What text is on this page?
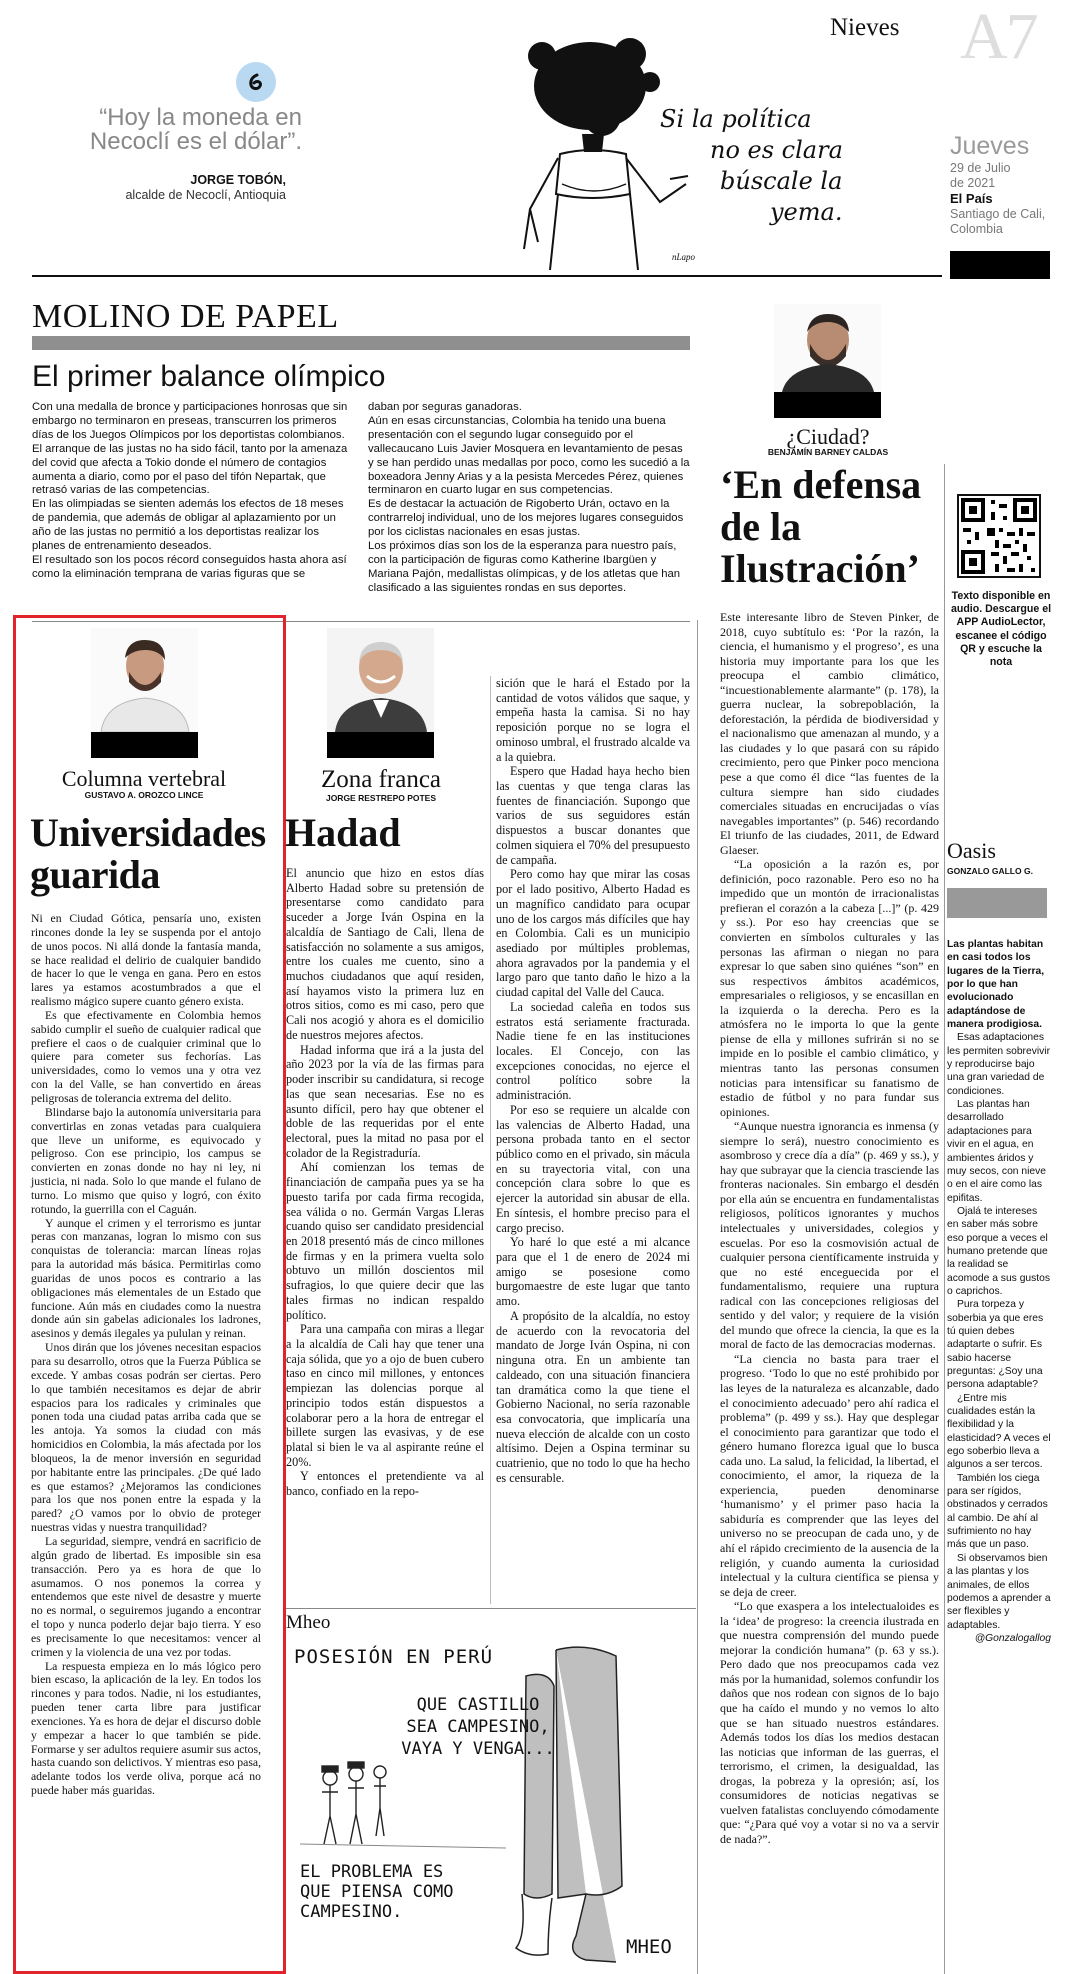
Nieves A7
Jueves
29 de Julio
de 2021
El País
Santiago de Cali,
Colombia
“Hoy la moneda en Necoclí es el dólar”.
JORGE TOBÓN,
alcalde de Necoclí, Antioquia
Si la política
no es clara
búscale la
yema.
nLapo
MOLINO DE PAPEL
El primer balance olímpico

Con una medalla de bronce y participaciones honrosas que sin embargo no terminaron en preseas, transcurren los primeros días de los Juegos Olímpicos por los deportistas colombianos.

El arranque de las justas no ha sido fácil, tanto por la amenaza del covid que afecta a Tokio donde el número de contagios aumenta a diario, como por el paso del tifón Nepartak, que retrasó varias de las competencias.

En las olimpiadas se sienten además los efectos de 18 meses de pandemia, que además de obligar al aplazamiento por un año de las justas no permitió a los deportistas realizar los planes de entrenamiento deseados.

El resultado son los pocos récord conseguidos hasta ahora así como la eliminación temprana de varias figuras que se

daban por seguras ganadoras.

Aún en esas circunstancias, Colombia ha tenido una buena presentación con el segundo lugar conseguido por el vallecaucano Luis Javier Mosquera en levantamiento de pesas y se han perdido unas medallas por poco, como les sucedió a la boxeadora Jenny Arias y a la pesista Mercedes Pérez, quienes terminaron en cuarto lugar en sus competencias.

Es de destacar la actuación de Rigoberto Urán, octavo en la contrarreloj individual, uno de los mejores lugares conseguidos por los ciclistas nacionales en esas justas.

Los próximos días son los de la esperanza para nuestro país, con la participación de figuras como Katherine Ibargüen y Mariana Pajón, medallistas olímpicas, y de los atletas que han clasificado a las siguientes rondas en sus deportes.

Columna vertebral
GUSTAVO A. OROZCO LINCE
Universidades
guarida

Ni en Ciudad Gótica, pensaría uno, existen rincones donde la ley se suspenda por el antojo de unos pocos. Ni allá donde la fantasía manda, se hace realidad el delirio de cualquier bandido de hacer lo que le venga en gana. Pero en estos lares ya estamos acostumbrados a que el realismo mágico supere cuanto género exista.

Es que efectivamente en Colombia hemos sabido cumplir el sueño de cualquier radical que prefiere el caos o de cualquier criminal que lo quiere para cometer sus fechorías. Las universidades, como lo vemos una y otra vez con la del Valle, se han convertido en áreas peligrosas de tolerancia extrema del delito.

Blindarse bajo la autonomía universitaria para convertirlas en zonas vetadas para cualquiera que lleve un uniforme, es equivocado y peligroso. Con ese principio, los campus se convierten en zonas donde no hay ni ley, ni justicia, ni nada. Solo lo que mande el fulano de turno. Lo mismo que quiso y logró, con éxito rotundo, la guerrilla con el Caguán.

Y aunque el crimen y el terrorismo es juntar peras con manzanas, logran lo mismo con sus conquistas de tolerancia: marcan líneas rojas para la autoridad más básica. Permitirlas como guaridas de unos pocos es contrario a las obligaciones más elementales de un Estado que funcione. Aún más en ciudades como la nuestra donde aún sin gabelas adicionales los ladrones, asesinos y demás ilegales ya pululan y reinan.

Unos dirán que los jóvenes necesitan espacios para su desarrollo, otros que la Fuerza Pública se excede. Y ambas cosas podrán ser ciertas. Pero lo que también necesitamos es dejar de abrir espacios para los radicales y criminales que ponen toda una ciudad patas arriba cada que se les antoja. Ya somos la ciudad con más homicidios en Colombia, la más afectada por los bloqueos, la de menor inversión en seguridad por habitante entre las principales. ¿De qué lado es que estamos? ¿Mejoramos las condiciones para los que nos ponen entre la espada y la pared? ¿O vamos por lo obvio de proteger nuestras vidas y nuestra tranquilidad?

La seguridad, siempre, vendrá en sacrificio de algún grado de libertad. Es imposible sin esa transacción. Pero ya es hora de que lo asumamos. O nos ponemos la correa y entendemos que este nivel de desastre y muerte no es normal, o seguiremos jugando a encontrar el topo y nunca poderlo dejar bajo tierra. Y eso es precisamente lo que necesitamos: vencer al crimen y la violencia de una vez por todas.

La respuesta empieza en lo más lógico pero bien escaso, la aplicación de la ley. En todos los rincones y para todos. Nadie, ni los estudiantes, pueden tener carta libre para justificar exenciones. Ya es hora de dejar el discurso doble y empezar a hacer lo que también se pide. Formarse y ser adultos requiere asumir sus actos, hasta cuando son delictivos. Y mientras eso pasa, adelante todos los verde oliva, porque acá no puede haber más guaridas.

Zona franca
JORGE RESTREPO POTES
Hadad

El anuncio que hizo en estos días Alberto Hadad sobre su pretensión de presentarse como candidato para suceder a Jorge Iván Ospina en la alcaldía de Santiago de Cali, llena de satisfacción no solamente a sus amigos, entre los cuales me cuento, sino a muchos ciudadanos que aquí residen, así hayamos visto la primera luz en otros sitios, como es mi caso, pero que Cali nos acogió y ahora es el domicilio de nuestros mejores afectos.

Hadad informa que irá a la justa del año 2023 por la vía de las firmas para poder inscribir su candidatura, si recoge las que sean necesarias. Ese no es asunto difícil, pero hay que obtener el doble de las requeridas por el ente electoral, pues la mitad no pasa por el colador de la Registraduría.

Ahí comienzan los temas de financiación de campaña pues ya se ha puesto tarifa por cada firma recogida, sea válida o no. Germán Vargas Lleras cuando quiso ser candidato presidencial en 2018 presentó más de cinco millones de firmas y en la primera vuelta solo obtuvo un millón doscientos mil sufragios, lo que quiere decir que las tales firmas no indican respaldo político.

Para una campaña con miras a llegar a la alcaldía de Cali hay que tener una caja sólida, que yo a ojo de buen cubero taso en cinco mil millones, y entonces empiezan las dolencias porque al principio todos están dispuestos a colaborar pero a la hora de entregar el billete surgen las evasivas, y de ese platal si bien le va al aspirante reúne el 20%.

Y entonces el pretendiente va al banco, confiado en la repo-

sición que le hará el Estado por la cantidad de votos válidos que saque, y empeña hasta la camisa. Si no hay reposición porque no se logra el ominoso umbral, el frustrado alcalde va a la quiebra.

Espero que Hadad haya hecho bien las cuentas y que tenga claras las fuentes de financiación. Supongo que varios de sus seguidores están dispuestos a buscar donantes que colmen siquiera el 70% del presupuesto de campaña.

Pero como hay que mirar las cosas por el lado positivo, Alberto Hadad es un magnífico candidato para ocupar uno de los cargos más difíciles que hay en Colombia. Cali es un municipio asediado por múltiples problemas, ahora agravados por la pandemia y el largo paro que tanto daño le hizo a la ciudad capital del Valle del Cauca.

La sociedad caleña en todos sus estratos está seriamente fracturada. Nadie tiene fe en las instituciones locales. El Concejo, con las excepciones conocidas, no ejerce el control político sobre la administración.

Por eso se requiere un alcalde con las valencias de Alberto Hadad, una persona probada tanto en el sector público como en el privado, sin mácula en su trayectoria vital, con una concepción clara sobre lo que es ejercer la autoridad sin abusar de ella. En síntesis, el hombre preciso para el cargo preciso.

Yo haré lo que esté a mi alcance para que el 1 de enero de 2024 mi amigo se posesione como burgomaestre de este lugar que tanto amo.

A propósito de la alcaldía, no estoy de acuerdo con la revocatoria del mandato de Jorge Iván Ospina, ni con ninguna otra. En un ambiente tan caldeado, con una situación financiera tan dramática como la que tiene el Gobierno Nacional, no sería razonable esa convocatoria, que implicaría una nueva elección de alcalde con un costo altísimo. Dejen a Ospina terminar su cuatrienio, que no todo lo que ha hecho es censurable.

Mheo
POSESIÓN EN PERÚ
QUE CASTILLO SEA CAMPESINO, VAYA Y VENGA...
EL PROBLEMA ES QUE PIENSA COMO CAMPESINO.
MHEO
¿Ciudad?
BENJAMÍN BARNEY CALDAS
‘En defensa
de la
Ilustración’

Este interesante libro de Steven Pinker, de 2018, cuyo subtítulo es: ‘Por la razón, la ciencia, el humanismo y el progreso’, es una historia muy importante para los que les preocupa el cambio climático, “incuestionablemente alarmante” (p. 178), la guerra nuclear, la sobrepoblación, la deforestación, la pérdida de biodiversidad y el nacionalismo que amenazan al mundo, y a las ciudades y lo que pasará con su rápido crecimiento, pero que Pinker poco menciona pese a que como él dice “las fuentes de la cultura siempre han sido ciudades comerciales situadas en encrucijadas o vías navegables importantes” (p. 546) recordando El triunfo de las ciudades, 2011, de Edward Glaeser.

“La oposición a la razón es, por definición, poco razonable. Pero eso no ha impedido que un montón de irracionalistas prefieran el corazón a la cabeza [...]” (p. 429 y ss.). Por eso hay creencias que se convierten en símbolos culturales y las personas las afirman o niegan no para expresar lo que saben sino quiénes “son” en sus respectivos ámbitos académicos, empresariales o religiosos, y se encasillan en la izquierda o la derecha. Pero es la atmósfera no le importa lo que la gente piense de ella y millones sufrirán si no se impide en lo posible el cambio climático, y mientras tanto las personas consumen noticias para intensificar su fanatismo de estadio de fútbol y no para fundar sus opiniones.

“Aunque nuestra ignorancia es inmensa (y siempre lo será), nuestro conocimiento es asombroso y crece día a día” (p. 469 y ss.), y hay que subrayar que la ciencia trasciende las fronteras nacionales. Sin embargo el desdén por ella aún se encuentra en fundamentalistas religiosos, políticos ignorantes y muchos intelectuales y universidades, colegios y escuelas. Por eso la cosmovisión actual de cualquier persona científicamente instruida y que no esté enceguecida por el fundamentalismo, requiere una ruptura radical con las concepciones religiosas del sentido y del valor; y requiere de la visión del mundo que ofrece la ciencia, la que es la moral de facto de las democracias modernas.

“La ciencia no basta para traer el progreso. ‘Todo lo que no esté prohibido por las leyes de la naturaleza es alcanzable, dado el conocimiento adecuado’ pero ahí radica el problema” (p. 499 y ss.). Hay que desplegar el conocimiento para garantizar que todo el género humano florezca igual que lo busca cada uno. La salud, la felicidad, la libertad, el conocimiento, el amor, la riqueza de la experiencia, pueden denominarse ‘humanismo’ y el primer paso hacia la sabiduría es comprender que las leyes del universo no se preocupan de cada uno, y de ahí el rápido crecimiento de la ausencia de la religión, y cuando aumenta la curiosidad intelectual y la cultura científica se piensa y se deja de creer.

“Lo que exaspera a los intelectualoides es la ‘idea’ de progreso: la creencia ilustrada en que nuestra comprensión del mundo puede mejorar la condición humana” (p. 63 y ss.). Pero dado que nos preocupamos cada vez más por la humanidad, solemos confundir los daños que nos rodean con signos de lo bajo que ha caído el mundo y no vemos lo alto que se han situado nuestros estándares. Además todos los días los medios destacan las noticias que informan de las guerras, el terrorismo, el crimen, la desigualdad, las drogas, la pobreza y la opresión; así, los consumidores de noticias negativas se vuelven fatalistas concluyendo cómodamente que: “¿Para qué voy a votar si no va a servir de nada?”.

Texto disponible en audio. Descargue el APP AudioLector, escanee el código QR y escuche la nota
Oasis
GONZALO GALLO G.

Las plantas habitan en casi todos los lugares de la Tierra, por lo que han evolucionado adaptándose de manera prodigiosa.

Esas adaptaciones les permiten sobrevivir y reproducirse bajo una gran variedad de condiciones.

Las plantas han desarrollado adaptaciones para vivir en el agua, en ambientes áridos y muy secos, con nieve o en el aire como las epifitas.

Ojalá te intereses en saber más sobre eso porque a veces el humano pretende que la realidad se acomode a sus gustos o caprichos.

Pura torpeza y soberbia ya que eres tú quien debes adaptarte o sufrir. Es sabio hacerse preguntas: ¿Soy una persona adaptable?

¿Entre mis cualidades están la flexibilidad y la elasticidad? A veces el ego soberbio lleva a algunos a ser tercos.

También los ciega para ser rígidos, obstinados y cerrados al cambio. De ahí al sufrimiento no hay más que un paso.

Si observamos bien a las plantas y los animales, de ellos podemos a aprender a ser flexibles y adaptables.

@Gonzalogallog
